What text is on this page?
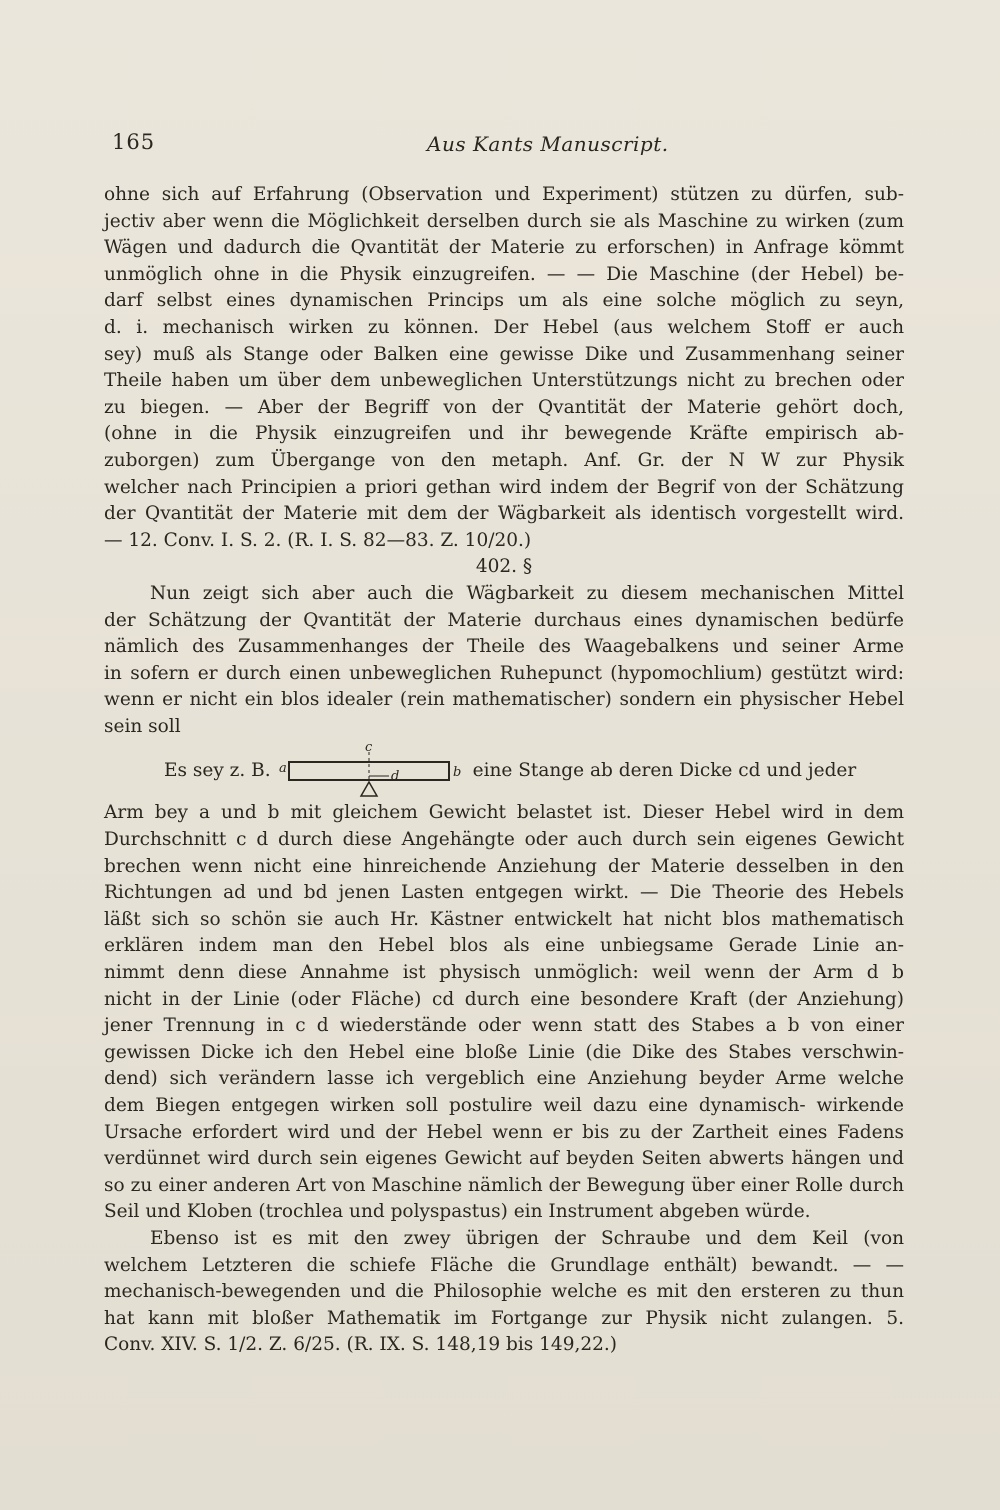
165	Aus Kants Manuscript.
ohne sich auf Erfahrung (Observation und Experiment) stützen zu dürfen, sub-
jectiv aber wenn die Möglichkeit derselben durch sie als Maschine zu wirken (zum
Wägen und dadurch die Qvantität der Materie zu erforschen) in Anfrage kömmt
unmöglich ohne in die Physik einzugreifen. — — Die Maschine (der Hebel) be-
darf selbst eines dynamischen Princips um als eine solche möglich zu seyn,
d. i. mechanisch wirken zu können. Der Hebel (aus welchem Stoff er auch
sey) muß als Stange oder Balken eine gewisse Dike und Zusammenhang seiner
Theile haben um über dem unbeweglichen Unterstützungs nicht zu brechen oder
zu biegen. — Aber der Begriff von der Qvantität der Materie gehört doch,
(ohne in die Physik einzugreifen und ihr bewegende Kräfte empirisch ab-
zuborgen) zum Übergange von den metaph. Anf. Gr. der N W zur Physik
welcher nach Principien a priori gethan wird indem der Begrif von der Schätzung
der Qvantität der Materie mit dem der Wägbarkeit als identisch vorgestellt wird.
— 12. Conv. I. S. 2. (R. I. S. 82—83. Z. 10/20.)
402. §
Nun zeigt sich aber auch die Wägbarkeit zu diesem mechanischen Mittel
der Schätzung der Qvantität der Materie durchaus eines dynamischen bedürfe
nämlich des Zusammenhanges der Theile des Waagebalkens und seiner Arme
in sofern er durch einen unbeweglichen Ruhepunct (hypomochlium) gestützt wird:
wenn er nicht ein blos idealer (rein mathematischer) sondern ein physischer Hebel
sein soll
Es sey z. B. a
c
d	b eine Stange ab deren Dicke cd und jeder
Arm bey a und b mit gleichem Gewicht belastet ist. Dieser Hebel wird in dem
Durchschnitt c d durch diese Angehängte oder auch durch sein eigenes Gewicht
brechen wenn nicht eine hinreichende Anziehung der Materie desselben in den
Richtungen ad und bd jenen Lasten entgegen wirkt. — Die Theorie des Hebels
läßt sich so schön sie auch Hr. Kästner entwickelt hat nicht blos mathematisch
erklären indem man den Hebel blos als eine unbiegsame Gerade Linie an-
nimmt denn diese Annahme ist physisch unmöglich: weil wenn der Arm d b
nicht in der Linie (oder Fläche) cd durch eine besondere Kraft (der Anziehung)
jener Trennung in c d wiederstände oder wenn statt des Stabes a b von einer
gewissen Dicke ich den Hebel eine bloße Linie (die Dike des Stabes verschwin-
dend) sich verändern lasse ich vergeblich eine Anziehung beyder Arme welche
dem Biegen entgegen wirken soll postulire weil dazu eine dynamisch- wirkende
Ursache erfordert wird und der Hebel wenn er bis zu der Zartheit eines Fadens
verdünnet wird durch sein eigenes Gewicht auf beyden Seiten abwerts hängen und
so zu einer anderen Art von Maschine nämlich der Bewegung über einer Rolle durch
Seil und Kloben (trochlea und polyspastus) ein Instrument abgeben würde.
Ebenso ist es mit den zwey übrigen der Schraube und dem Keil (von
welchem Letzteren die schiefe Fläche die Grundlage enthält) bewandt. — —
mechanisch-bewegenden und die Philosophie welche es mit den ersteren zu thun
hat kann mit bloßer Mathematik im Fortgange zur Physik nicht zulangen. 5.
Conv. XIV. S. 1/2. Z. 6/25. (R. IX. S. 148,19 bis 149,22.)
